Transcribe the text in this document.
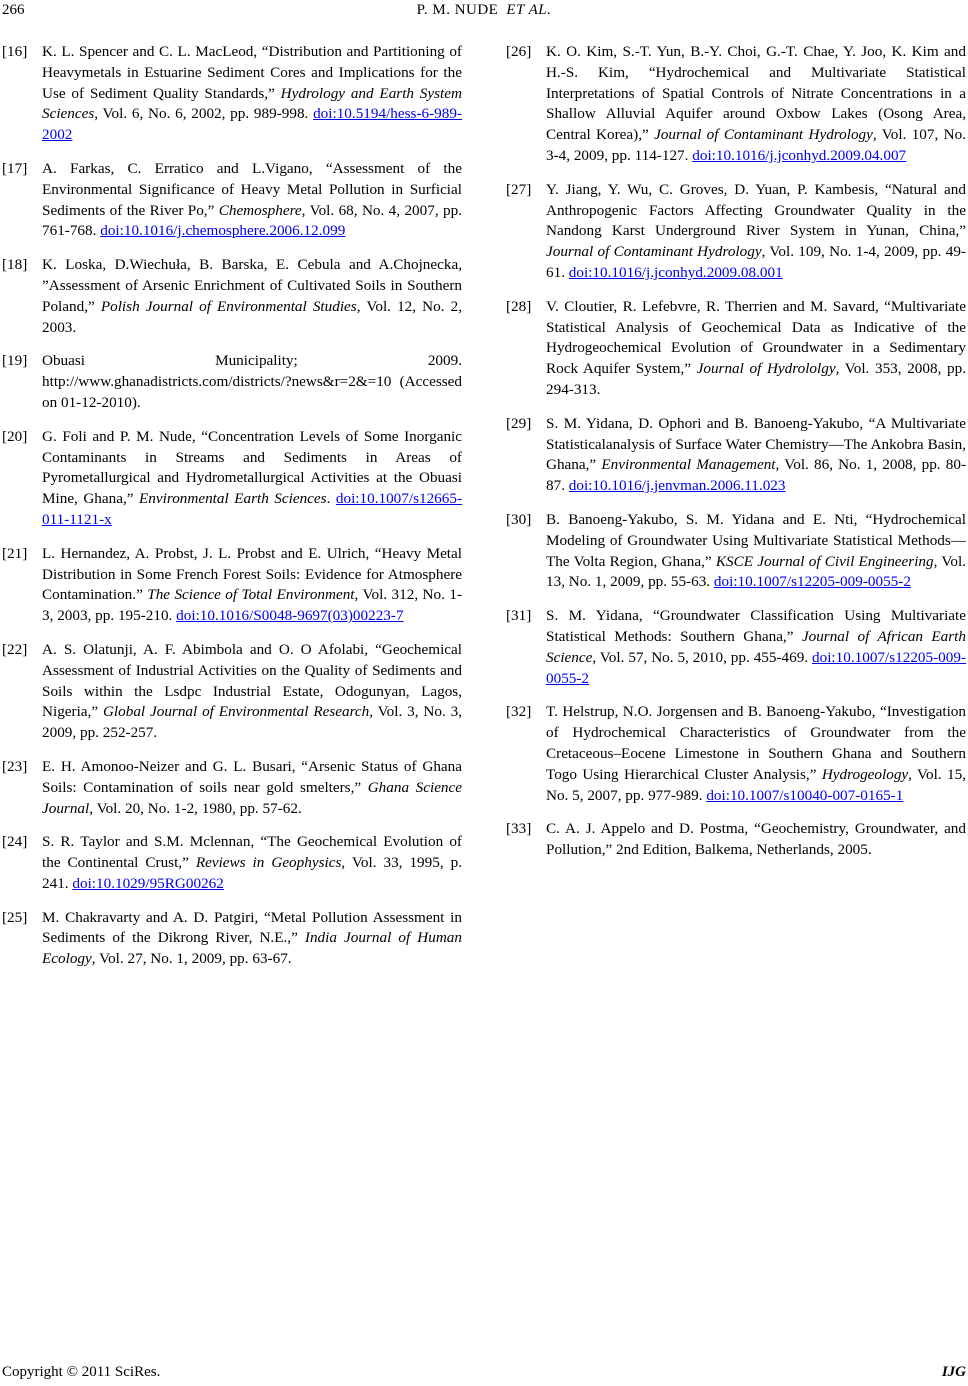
266	P. M. NUDE ET AL.
[16] K. L. Spencer and C. L. MacLeod, “Distribution and Partitioning of Heavymetals in Estuarine Sediment Cores and Implications for the Use of Sediment Quality Standards,” Hydrology and Earth System Sciences, Vol. 6, No. 6, 2002, pp. 989-998. doi:10.5194/hess-6-989-2002
[17] A. Farkas, C. Erratico and L.Vigano, “Assessment of the Environmental Significance of Heavy Metal Pollution in Surficial Sediments of the River Po,” Chemosphere, Vol. 68, No. 4, 2007, pp. 761-768. doi:10.1016/j.chemosphere.2006.12.099
[18] K. Loska, D.Wiechuła, B. Barska, E. Cebula and A.Chojnecka, ”Assessment of Arsenic Enrichment of Cultivated Soils in Southern Poland,” Polish Journal of Environmental Studies, Vol. 12, No. 2, 2003.
[19] Obuasi Municipality; 2009. http://www.ghanadistricts.com/districts/?news&r=2&=10 (Accessed on 01-12-2010).
[20] G. Foli and P. M. Nude, “Concentration Levels of Some Inorganic Contaminants in Streams and Sediments in Areas of Pyrometallurgical and Hydrometallurgical Activities at the Obuasi Mine, Ghana,” Environmental Earth Sciences. doi:10.1007/s12665-011-1121-x
[21] L. Hernandez, A. Probst, J. L. Probst and E. Ulrich, “Heavy Metal Distribution in Some French Forest Soils: Evidence for Atmosphere Contamination.” The Science of Total Environment, Vol. 312, No. 1-3, 2003, pp. 195-210. doi:10.1016/S0048-9697(03)00223-7
[22] A. S. Olatunji, A. F. Abimbola and O. O Afolabi, “Geochemical Assessment of Industrial Activities on the Quality of Sediments and Soils within the Lsdpc Industrial Estate, Odogunyan, Lagos, Nigeria,” Global Journal of Environmental Research, Vol. 3, No. 3, 2009, pp. 252-257.
[23] E. H. Amonoo-Neizer and G. L. Busari, “Arsenic Status of Ghana Soils: Contamination of soils near gold smelters,” Ghana Science Journal, Vol. 20, No. 1-2, 1980, pp. 57-62.
[24] S. R. Taylor and S.M. Mclennan, “The Geochemical Evolution of the Continental Crust,” Reviews in Geophysics, Vol. 33, 1995, p. 241. doi:10.1029/95RG00262
[25] M. Chakravarty and A. D. Patgiri, “Metal Pollution Assessment in Sediments of the Dikrong River, N.E.,” India Journal of Human Ecology, Vol. 27, No. 1, 2009, pp. 63-67.
[26] K. O. Kim, S.-T. Yun, B.-Y. Choi, G.-T. Chae, Y. Joo, K. Kim and H.-S. Kim, “Hydrochemical and Multivariate Statistical Interpretations of Spatial Controls of Nitrate Concentrations in a Shallow Alluvial Aquifer around Oxbow Lakes (Osong Area, Central Korea),” Journal of Contaminant Hydrology, Vol. 107, No. 3-4, 2009, pp. 114-127. doi:10.1016/j.jconhyd.2009.04.007
[27] Y. Jiang, Y. Wu, C. Groves, D. Yuan, P. Kambesis, “Natural and Anthropogenic Factors Affecting Groundwater Quality in the Nandong Karst Underground River System in Yunan, China,” Journal of Contaminant Hydrology, Vol. 109, No. 1-4, 2009, pp. 49-61. doi:10.1016/j.jconhyd.2009.08.001
[28] V. Cloutier, R. Lefebvre, R. Therrien and M. Savard, “Multivariate Statistical Analysis of Geochemical Data as Indicative of the Hydrogeochemical Evolution of Groundwater in a Sedimentary Rock Aquifer System,” Journal of Hydrololgy, Vol. 353, 2008, pp. 294-313.
[29] S. M. Yidana, D. Ophori and B. Banoeng-Yakubo, “A Multivariate Statisticalanalysis of Surface Water Chemistry—The Ankobra Basin, Ghana,” Environmental Management, Vol. 86, No. 1, 2008, pp. 80-87. doi:10.1016/j.jenvman.2006.11.023
[30] B. Banoeng-Yakubo, S. M. Yidana and E. Nti, “Hydrochemical Modeling of Groundwater Using Multivariate Statistical Methods—The Volta Region, Ghana,” KSCE Journal of Civil Engineering, Vol. 13, No. 1, 2009, pp. 55-63. doi:10.1007/s12205-009-0055-2
[31] S. M. Yidana, “Groundwater Classification Using Multivariate Statistical Methods: Southern Ghana,” Journal of African Earth Science, Vol. 57, No. 5, 2010, pp. 455-469. doi:10.1007/s12205-009-0055-2
[32] T. Helstrup, N.O. Jorgensen and B. Banoeng-Yakubo, “Investigation of Hydrochemical Characteristics of Groundwater from the Cretaceous–Eocene Limestone in Southern Ghana and Southern Togo Using Hierarchical Cluster Analysis,” Hydrogeology, Vol. 15, No. 5, 2007, pp. 977-989. doi:10.1007/s10040-007-0165-1
[33] C. A. J. Appelo and D. Postma, “Geochemistry, Groundwater, and Pollution,” 2nd Edition, Balkema, Netherlands, 2005.
Copyright © 2011 SciRes.	IJG
